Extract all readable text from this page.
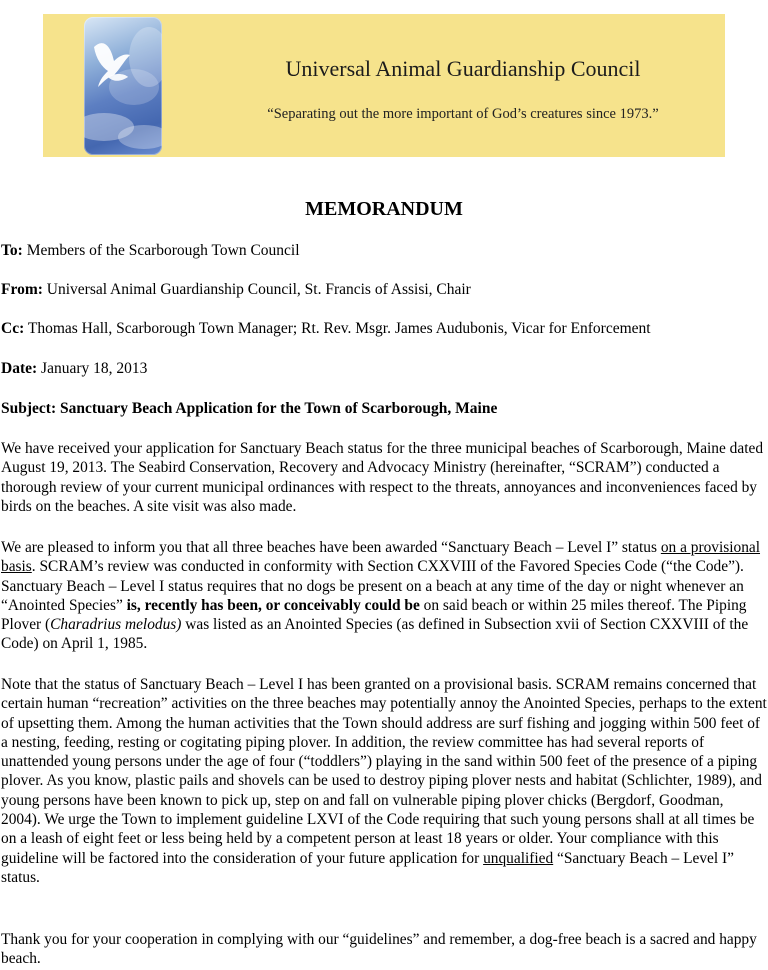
Universal Animal Guardianship Council
“Separating out the more important of God’s creatures since 1973.”
MEMORANDUM
To: Members of the Scarborough Town Council
From: Universal Animal Guardianship Council, St. Francis of Assisi, Chair
Cc: Thomas Hall, Scarborough Town Manager; Rt. Rev. Msgr. James Audubonis, Vicar for Enforcement
Date: January 18, 2013
Subject: Sanctuary Beach Application for the Town of Scarborough, Maine
We have received your application for Sanctuary Beach status for the three municipal beaches of Scarborough, Maine dated August 19, 2013. The Seabird Conservation, Recovery and Advocacy Ministry (hereinafter, “SCRAM”) conducted a thorough review of your current municipal ordinances with respect to the threats, annoyances and inconveniences faced by birds on the beaches. A site visit was also made.
We are pleased to inform you that all three beaches have been awarded “Sanctuary Beach – Level I” status on a provisional basis. SCRAM’s review was conducted in conformity with Section CXXVIII of the Favored Species Code (“the Code”). Sanctuary Beach – Level I status requires that no dogs be present on a beach at any time of the day or night whenever an “Anointed Species” is, recently has been, or conceivably could be on said beach or within 25 miles thereof. The Piping Plover (Charadrius melodus) was listed as an Anointed Species (as defined in Subsection xvii of Section CXXVIII of the Code) on April 1, 1985.
Note that the status of Sanctuary Beach – Level I has been granted on a provisional basis. SCRAM remains concerned that certain human “recreation” activities on the three beaches may potentially annoy the Anointed Species, perhaps to the extent of upsetting them. Among the human activities that the Town should address are surf fishing and jogging within 500 feet of a nesting, feeding, resting or cogitating piping plover. In addition, the review committee has had several reports of unattended young persons under the age of four (“toddlers”) playing in the sand within 500 feet of the presence of a piping plover. As you know, plastic pails and shovels can be used to destroy piping plover nests and habitat (Schlichter, 1989), and young persons have been known to pick up, step on and fall on vulnerable piping plover chicks (Bergdorf, Goodman, 2004). We urge the Town to implement guideline LXVI of the Code requiring that such young persons shall at all times be on a leash of eight feet or less being held by a competent person at least 18 years or older. Your compliance with this guideline will be factored into the consideration of your future application for unqualified “Sanctuary Beach – Level I” status.
Thank you for your cooperation in complying with our “guidelines” and remember, a dog-free beach is a sacred and happy beach.
